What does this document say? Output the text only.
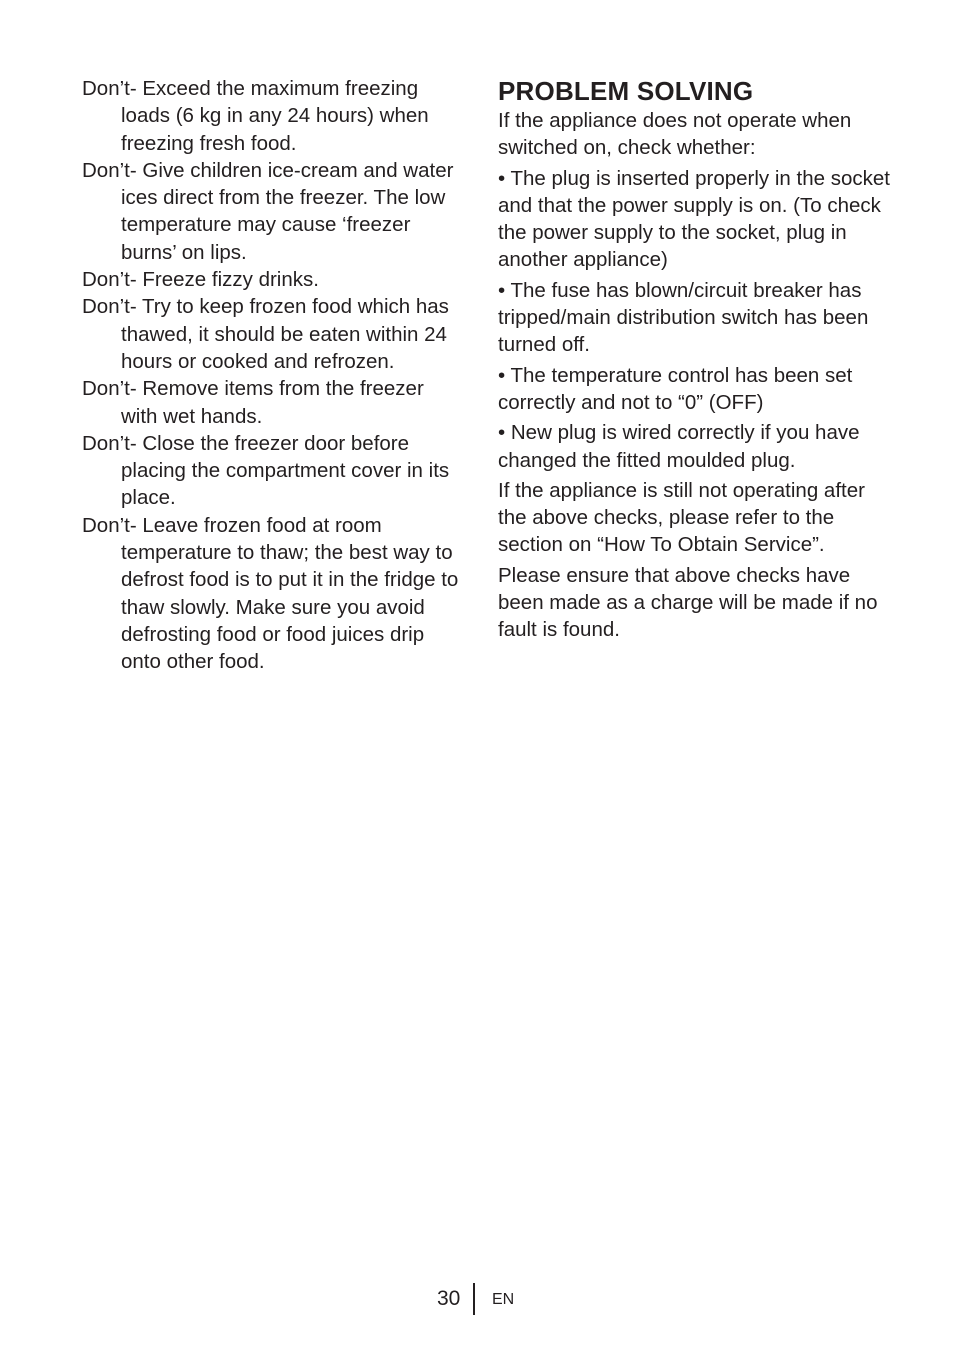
Don’t- Exceed the maximum freezing loads (6 kg in any 24 hours) when freezing fresh food.

Don’t- Give children ice-cream and water ices direct from the freezer. The low temperature may cause ‘freezer burns’ on lips.

Don’t- Freeze fizzy drinks.

Don’t- Try to keep frozen food which has thawed, it should be eaten within 24 hours or cooked and refrozen.

Don’t- Remove items from the freezer with wet hands.

Don’t- Close the freezer door before placing the compartment cover in its place.

Don’t- Leave frozen food at room temperature to thaw; the best way to defrost food is to put it in the fridge to thaw slowly. Make sure you avoid defrosting food or food juices drip onto other food.

PROBLEM SOLVING

If the appliance does not operate when switched on, check whether:

• The plug is inserted properly in the socket and that the power supply is on. (To check the power supply to the socket, plug in another appliance)

• The fuse has blown/circuit breaker has tripped/main distribution switch has been turned off.

• The temperature control has been set correctly and not to “0” (OFF)

• New plug is wired correctly if you have changed the fitted moulded plug.

If the appliance is still not operating after the above checks, please refer to the section on “How To Obtain Service”.

Please ensure that above checks have been made as a charge will be made if no fault is found.

30 EN
